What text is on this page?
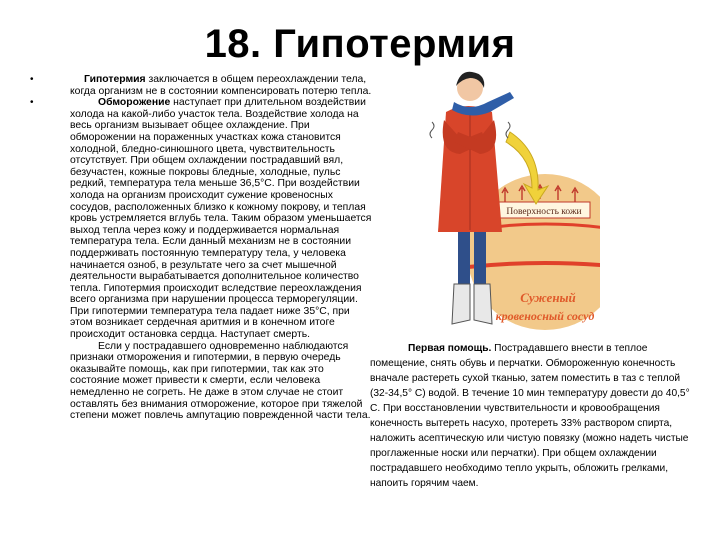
18. Гипотермия

•	Гипотермия заключается в общем переохлаждении тела, когда организм не в состоянии компенсировать потерю тепла.

•	Обморожение наступает при длительном воздействии холода на какой-либо участок тела. Воздействие холода на весь организм вызывает общее охлаждение. При обморожении на пораженных участках кожа становится холодной, бледно-синюшного цвета, чувствительность отсутствует. При общем охлаждении пострадавший вял, безучастен, кожные покровы бледные, холодные, пульс редкий, температура тела меньше 36,5°С. При воздействии холода на организм происходит сужение кровеносных сосудов, расположенных близко к кожному покрову, и теплая кровь устремляется вглубь тела. Таким образом уменьшается выход тепла через кожу и поддерживается нормальная температура тела. Если данный механизм не в состоянии поддерживать постоянную температуру тела, у человека начинается озноб, в результате чего за счет мышечной деятельности вырабатывается дополнительное количество тепла. Гипотермия происходит вследствие переохлаждения всего организма при нарушении процесса терморегуляции. При гипотермии температура тела падает ниже 35°С, при этом возникает сердечная аритмия и в конечном итоге происходит остановка сердца. Наступает смерть.
Если у пострадавшего одновременно наблюдаются признаки отморожения и гипотермии, в первую очередь оказывайте помощь, как при гипотермии, так как это состояние может привести к смерти, если человека немедленно не согреть. Не даже в этом случае не стоит оставлять без внимания отморожение, которое при тяжелой степени может повлечь ампутацию поврежденной части тела.

Поверхность кожи
Суженый
кровеносный сосуд
Первая помощь. Пострадавшего внести в теплое помещение, снять обувь и перчатки. Обмороженную конечность вначале растереть сухой тканью, затем поместить в таз с теплой (32-34,5° С) водой. В течение 10 мин температуру довести до 40,5° С. При восстановлении чувствительности и кровообращения конечность вытереть насухо, протереть 33% раствором спирта, наложить асептическую или чистую повязку (можно надеть чистые проглаженные носки или перчатки). При общем охлаждении пострадавшего необходимо тепло укрыть, обложить грелками, напоить горячим чаем.
